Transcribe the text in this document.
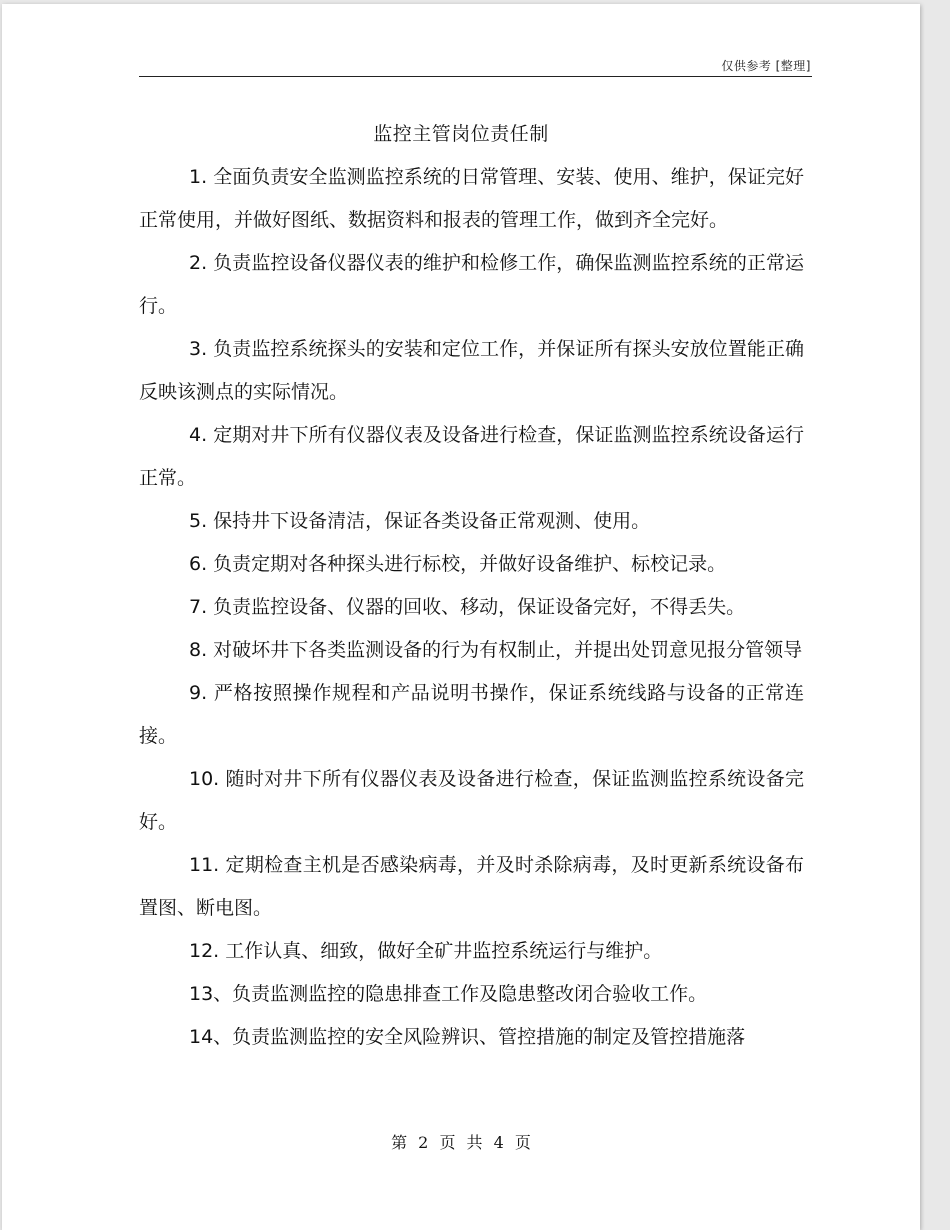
仅供参考 [整理]
监控主管岗位责任制

1. 全面负责安全监测监控系统的日常管理、安装、使用、维护，保证完好正常使用，并做好图纸、数据资料和报表的管理工作，做到齐全完好。

2. 负责监控设备仪器仪表的维护和检修工作，确保监测监控系统的正常运行。

3. 负责监控系统探头的安装和定位工作，并保证所有探头安放位置能正确反映该测点的实际情况。

4. 定期对井下所有仪器仪表及设备进行检查，保证监测监控系统设备运行正常。

5. 保持井下设备清洁，保证各类设备正常观测、使用。

6. 负责定期对各种探头进行标校，并做好设备维护、标校记录。

7. 负责监控设备、仪器的回收、移动，保证设备完好，不得丢失。

8. 对破坏井下各类监测设备的行为有权制止，并提出处罚意见报分管领导

9. 严格按照操作规程和产品说明书操作，保证系统线路与设备的正常连接。

10. 随时对井下所有仪器仪表及设备进行检查，保证监测监控系统设备完好。

11. 定期检查主机是否感染病毒，并及时杀除病毒，及时更新系统设备布置图、断电图。

12. 工作认真、细致，做好全矿井监控系统运行与维护。

13、负责监测监控的隐患排查工作及隐患整改闭合验收工作。

14、负责监测监控的安全风险辨识、管控措施的制定及管控措施落

第 2 页 共 4 页
